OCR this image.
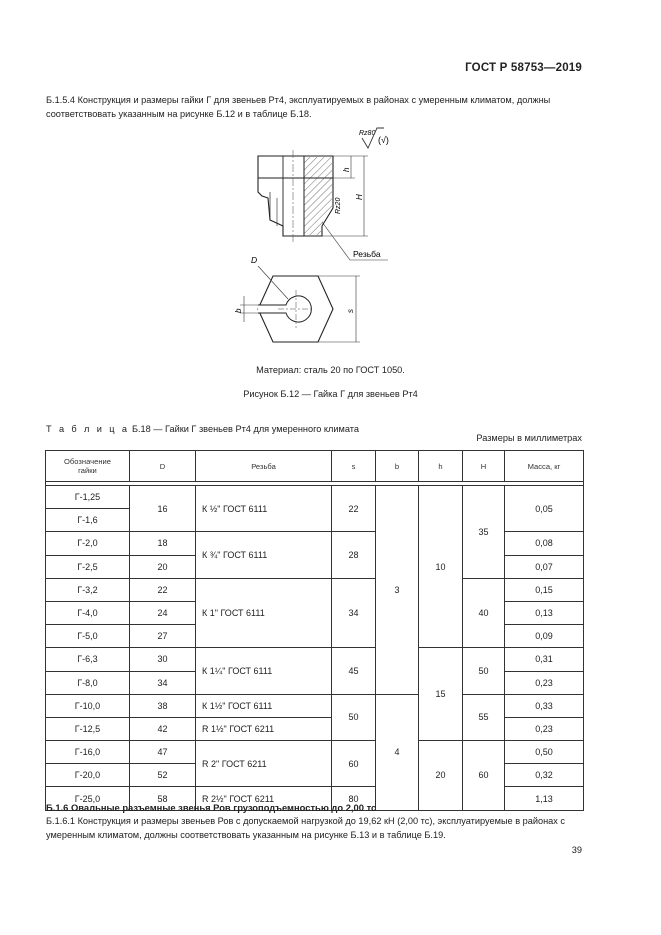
ГОСТ Р 58753—2019
Б.1.5.4 Конструкция и размеры гайки Г для звеньев Рт4, эксплуатируемых в районах с умеренным климатом, должны соответствовать указанным на рисунке Б.12 и в таблице Б.18.
Rz80
(√)
h
H
Rz20
Резьба
D
b	s
Материал: сталь 20 по ГОСТ 1050.
Рисунок Б.12 — Гайка Г для звеньев Рт4
Т а б л и ц а Б.18 — Гайки Г звеньев Рт4 для умеренного климата
Размеры в миллиметрах
Обозначение
гайки	D	Резьба	s	b	h	H	Масса, кг

Г-1,25	16	К ½" ГОСТ 6111	22	3	10	35	0,05
Г-1,6							
Г-2,0	18	К ¾" ГОСТ 6111	28				0,08
Г-2,5	20						0,07
Г-3,2	22	К 1" ГОСТ 6111	34			40	0,15
Г-4,0	24						0,13
Г-5,0	27						0,09
Г-6,3	30	К 1¼" ГОСТ 6111	45		15	50	0,31
Г-8,0	34						0,23
Г-10,0	38	К 1½" ГОСТ 6111	50	4		55	0,33
Г-12,5	42	R 1½" ГОСТ 6211					0,23
Г-16,0	47	R 2" ГОСТ 6211	60		20	60	0,50
Г-20,0	52						0,32
Г-25,0	58	R 2½" ГОСТ 6211	80				1,13
Б.1.6 Овальные разъемные звенья Ров грузоподъемностью до 2,00 тс
Б.1.6.1 Конструкция и размеры звеньев Ров с допускаемой нагрузкой до 19,62 кН (2,00 тс), эксплуатируемые в районах с умеренным климатом, должны соответствовать указанным на рисунке Б.13 и в таблице Б.19.
39
